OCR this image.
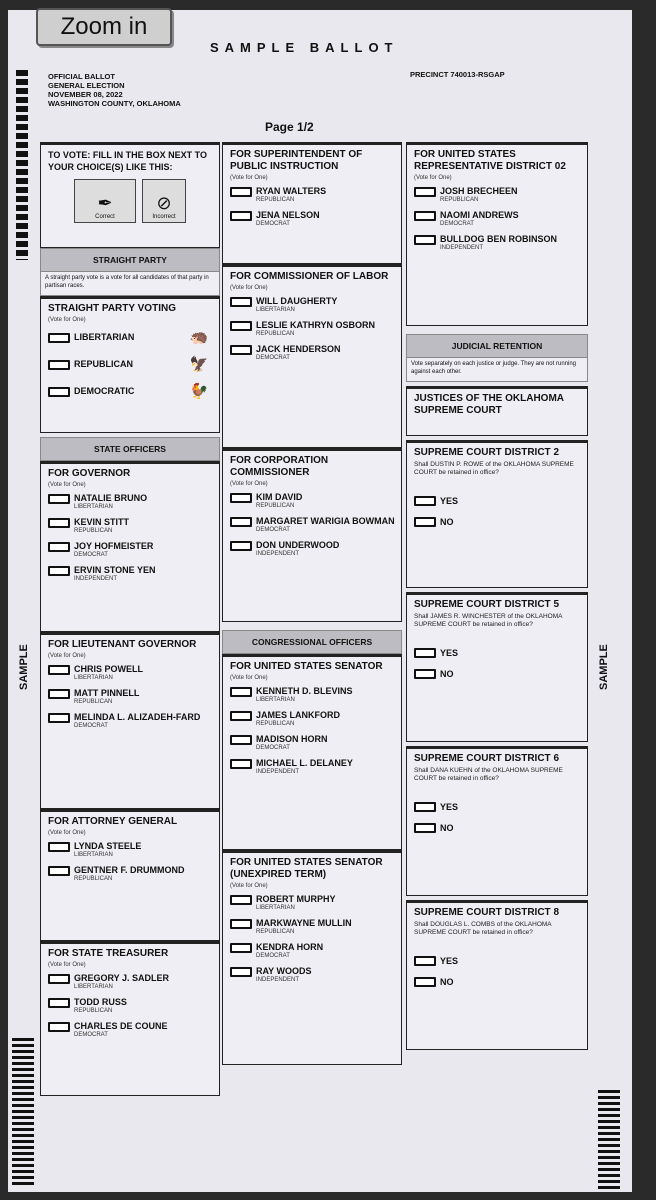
Zoom in
SAMPLE BALLOT
OFFICIAL BALLOT
GENERAL ELECTION
NOVEMBER 08, 2022
WASHINGTON COUNTY, OKLAHOMA
PRECINCT 740013-RSGAP
Page 1/2
SAMPLE	SAMPLE
TO VOTE: FILL IN THE BOX NEXT TO YOUR CHOICE(S) LIKE THIS:
✒
Correct
⊘
Incorrect
STRAIGHT PARTY
A straight party vote is a vote for all candidates of that party in partisan races.
STRAIGHT PARTY VOTING
(Vote for One)
LIBERTARIAN	🦔
REPUBLICAN	🦅
DEMOCRATIC	🐓
STATE OFFICERS
FOR GOVERNOR
(Vote for One)
NATALIE BRUNO
LIBERTARIAN
KEVIN STITT
REPUBLICAN
JOY HOFMEISTER
DEMOCRAT
ERVIN STONE YEN
INDEPENDENT
FOR LIEUTENANT GOVERNOR
(Vote for One)
CHRIS POWELL
LIBERTARIAN
MATT PINNELL
REPUBLICAN
MELINDA L. ALIZADEH-FARD
DEMOCRAT
FOR ATTORNEY GENERAL
(Vote for One)
LYNDA STEELE
LIBERTARIAN
GENTNER F. DRUMMOND
REPUBLICAN
FOR STATE TREASURER
(Vote for One)
GREGORY J. SADLER
LIBERTARIAN
TODD RUSS
REPUBLICAN
CHARLES DE COUNE
DEMOCRAT
FOR SUPERINTENDENT OF PUBLIC INSTRUCTION
(Vote for One)
RYAN WALTERS
REPUBLICAN
JENA NELSON
DEMOCRAT
FOR COMMISSIONER OF LABOR
(Vote for One)
WILL DAUGHERTY
LIBERTARIAN
LESLIE KATHRYN OSBORN
REPUBLICAN
JACK HENDERSON
DEMOCRAT
FOR CORPORATION COMMISSIONER
(Vote for One)
KIM DAVID
REPUBLICAN
MARGARET WARIGIA BOWMAN
DEMOCRAT
DON UNDERWOOD
INDEPENDENT
CONGRESSIONAL OFFICERS
FOR UNITED STATES SENATOR
(Vote for One)
KENNETH D. BLEVINS
LIBERTARIAN
JAMES LANKFORD
REPUBLICAN
MADISON HORN
DEMOCRAT
MICHAEL L. DELANEY
INDEPENDENT
FOR UNITED STATES SENATOR (UNEXPIRED TERM)
(Vote for One)
ROBERT MURPHY
LIBERTARIAN
MARKWAYNE MULLIN
REPUBLICAN
KENDRA HORN
DEMOCRAT
RAY WOODS
INDEPENDENT
FOR UNITED STATES REPRESENTATIVE DISTRICT 02
(Vote for One)
JOSH BRECHEEN
REPUBLICAN
NAOMI ANDREWS
DEMOCRAT
BULLDOG BEN ROBINSON
INDEPENDENT
JUDICIAL RETENTION
Vote separately on each justice or judge. They are not running against each other.
JUSTICES OF THE OKLAHOMA SUPREME COURT
SUPREME COURT DISTRICT 2
Shall DUSTIN P. ROWE of the OKLAHOMA SUPREME COURT be retained in office?
YES
NO
SUPREME COURT DISTRICT 5
Shall JAMES R. WINCHESTER of the OKLAHOMA SUPREME COURT be retained in office?
YES
NO
SUPREME COURT DISTRICT 6
Shall DANA KUEHN of the OKLAHOMA SUPREME COURT be retained in office?
YES
NO
SUPREME COURT DISTRICT 8
Shall DOUGLAS L. COMBS of the OKLAHOMA SUPREME COURT be retained in office?
YES
NO
